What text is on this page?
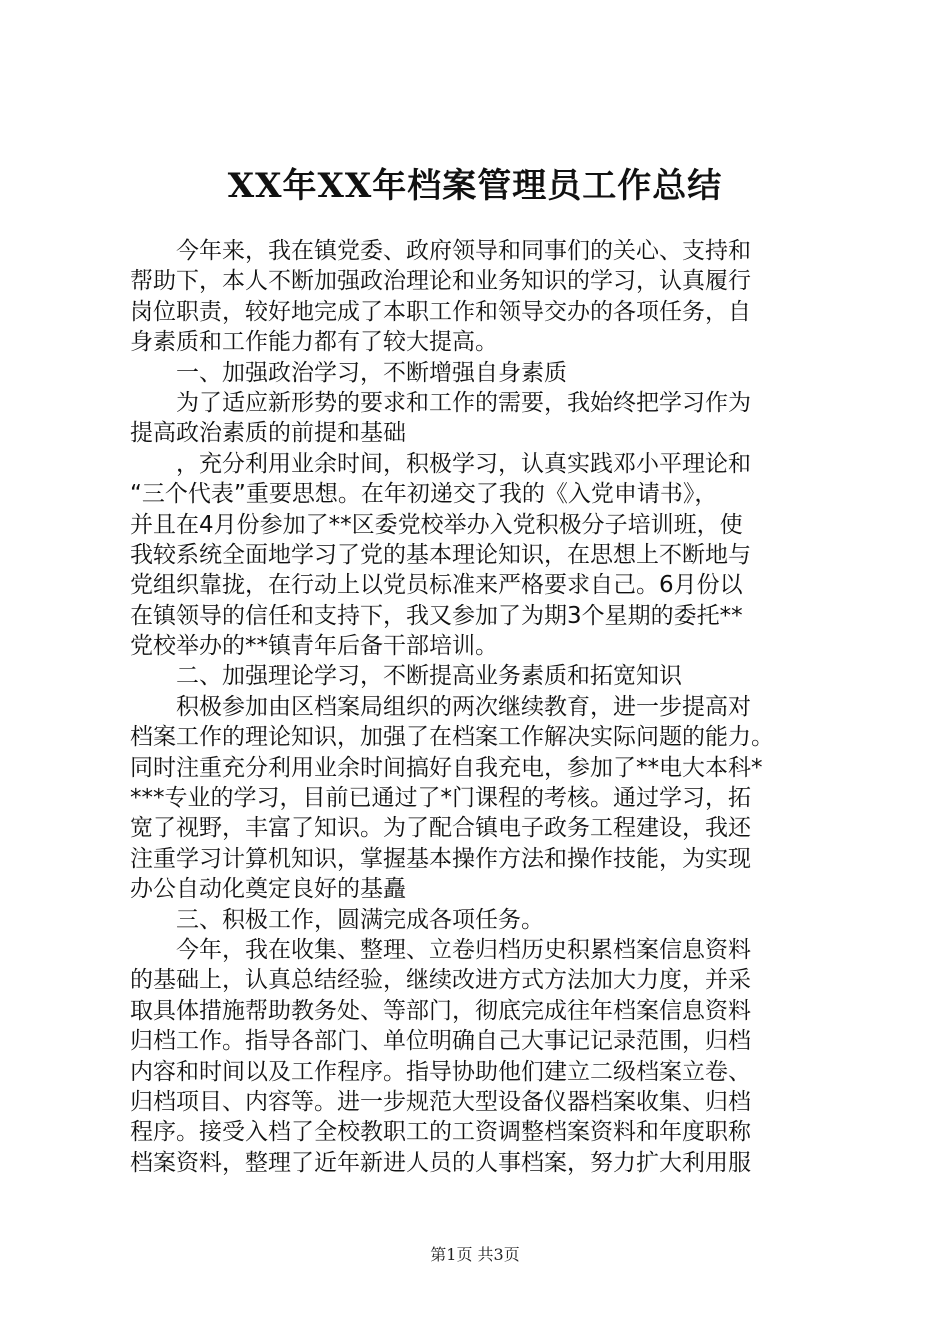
XX年XX年档案管理员工作总结
　　今年来，我在镇党委、政府领导和同事们的关心、支持和
帮助下，本人不断加强政治理论和业务知识的学习，认真履行
岗位职责，较好地完成了本职工作和领导交办的各项任务，自
身素质和工作能力都有了较大提高。
　　一、加强政治学习，不断增强自身素质
　　为了适应新形势的要求和工作的需要，我始终把学习作为
提高政治素质的前提和基础
　　，充分利用业余时间，积极学习，认真实践邓小平理论和
“三个代表”重要思想。在年初递交了我的《入党申请书》，
并且在4月份参加了**区委党校举办入党积极分子培训班，使
我较系统全面地学习了党的基本理论知识，在思想上不断地与
党组织靠拢，在行动上以党员标准来严格要求自己。6月份以
在镇领导的信任和支持下，我又参加了为期3个星期的委托**
党校举办的**镇青年后备干部培训。
　　二、加强理论学习，不断提高业务素质和拓宽知识
　　积极参加由区档案局组织的两次继续教育，进一步提高对
档案工作的理论知识，加强了在档案工作解决实际问题的能力。
同时注重充分利用业余时间搞好自我充电，参加了**电大本科*
***专业的学习，目前已通过了*门课程的考核。通过学习，拓
宽了视野，丰富了知识。为了配合镇电子政务工程建设，我还
注重学习计算机知识，掌握基本操作方法和操作技能，为实现
办公自动化奠定良好的基矗
　　三、积极工作，圆满完成各项任务。
　　今年，我在收集、整理、立卷归档历史积累档案信息资料
的基础上，认真总结经验，继续改进方式方法加大力度，并采
取具体措施帮助教务处、等部门，彻底完成往年档案信息资料
归档工作。指导各部门、单位明确自己大事记记录范围，归档
内容和时间以及工作程序。指导协助他们建立二级档案立卷、
归档项目、内容等。进一步规范大型设备仪器档案收集、归档
程序。接受入档了全校教职工的工资调整档案资料和年度职称
档案资料，整理了近年新进人员的人事档案，努力扩大利用服
第1页 共3页
